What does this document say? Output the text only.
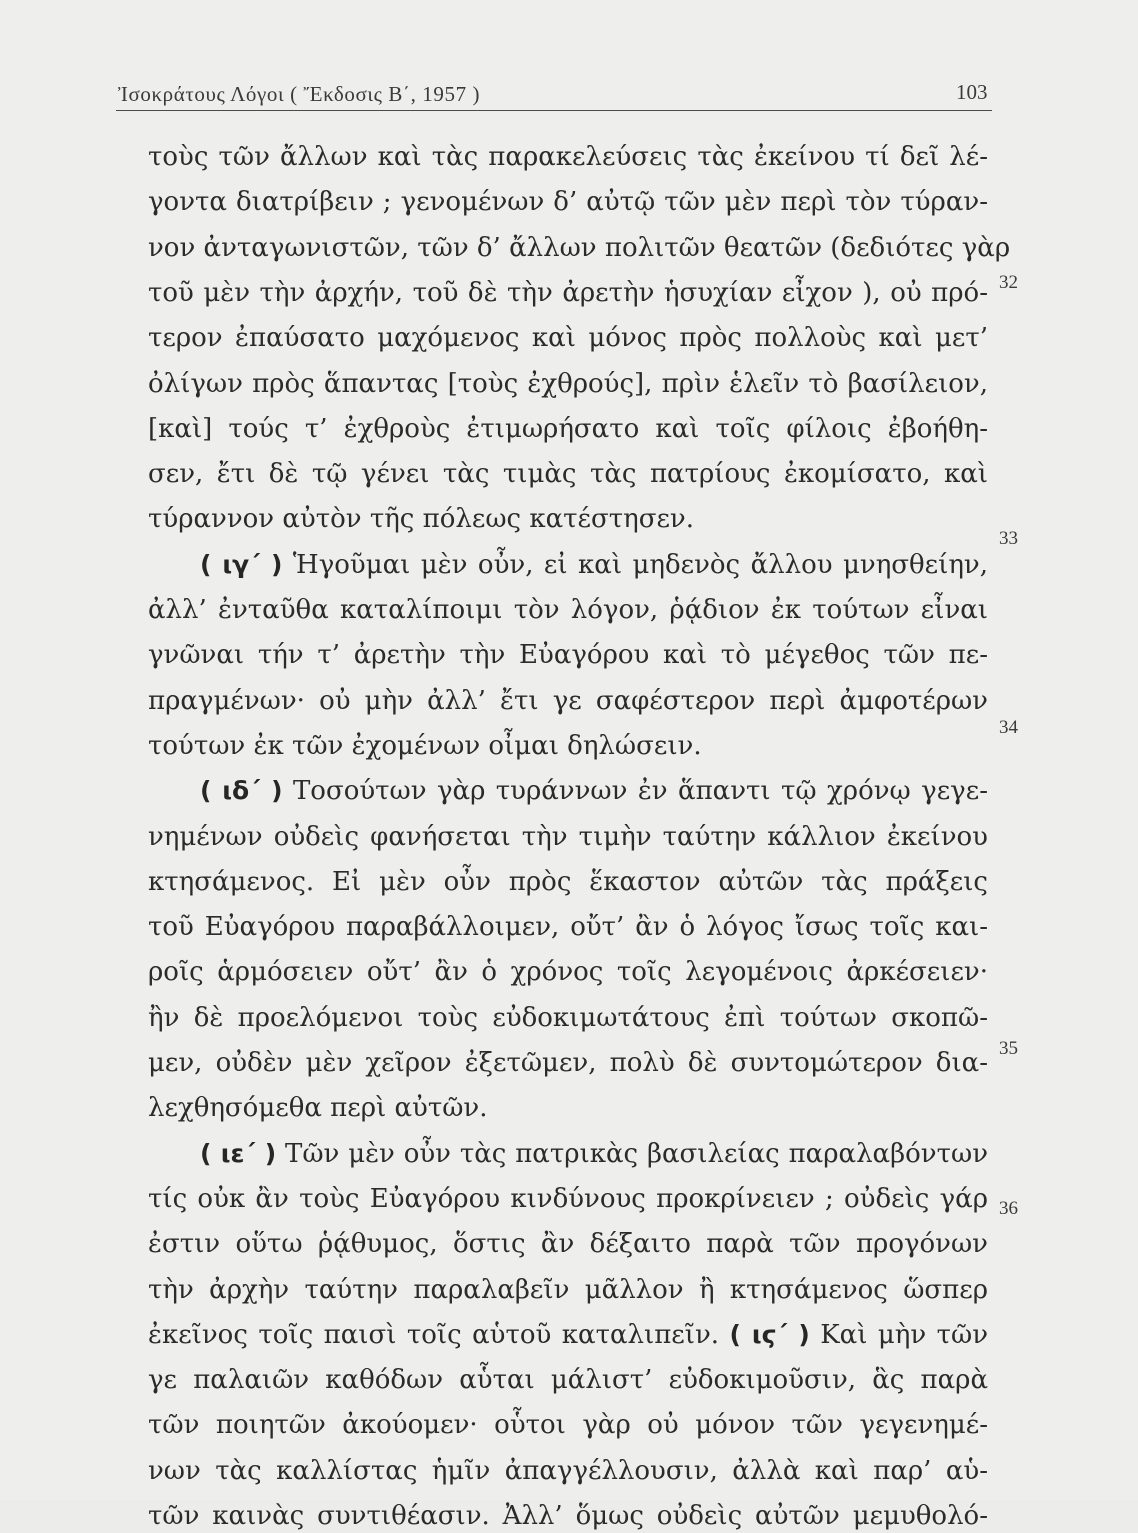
Ἰσοκράτους Λόγοι ( Ἔκδοσις Β΄, 1957 )	103
τοὺς τῶν ἄλλων καὶ τὰς παρακελεύσεις τὰς ἐκείνου τί δεῖ λέ-
γοντα διατρίβειν ; γενομένων δ’ αὐτῷ τῶν μὲν περὶ τὸν τύραν-
νον ἀνταγωνιστῶν, τῶν δ’ ἄλλων πολιτῶν θεατῶν (δεδιότες γὰρ
τοῦ μὲν τὴν ἀρχήν, τοῦ δὲ τὴν ἀρετὴν ἡσυχίαν εἶχον ), οὐ πρό-
τερον ἐπαύσατο μαχόμενος καὶ μόνος πρὸς πολλοὺς καὶ μετ’
ὀλίγων πρὸς ἅπαντας [τοὺς ἐχθρούς], πρὶν ἑλεῖν τὸ βασίλειον,
[καὶ] τούς τ’ ἐχθροὺς ἐτιμωρήσατο καὶ τοῖς φίλοις ἐβοήθη-
σεν, ἔτι δὲ τῷ γένει τὰς τιμὰς τὰς πατρίους ἐκομίσατο, καὶ
τύραννον αὐτὸν τῆς πόλεως κατέστησεν.
( ιγ΄ ) Ἡγοῦμαι μὲν οὖν, εἰ καὶ μηδενὸς ἄλλου μνησθείην,
ἀλλ’ ἐνταῦθα καταλίποιμι τὸν λόγον, ῥᾴδιον ἐκ τούτων εἶναι
γνῶναι τήν τ’ ἀρετὴν τὴν Εὐαγόρου καὶ τὸ μέγεθος τῶν πε-
πραγμένων· οὐ μὴν ἀλλ’ ἔτι γε σαφέστερον περὶ ἀμφοτέρων
τούτων ἐκ τῶν ἐχομένων οἶμαι δηλώσειν.
( ιδ΄ ) Τοσούτων γὰρ τυράννων ἐν ἅπαντι τῷ χρόνῳ γεγε-
νημένων οὐδεὶς φανήσεται τὴν τιμὴν ταύτην κάλλιον ἐκείνου
κτησάμενος. Εἰ μὲν οὖν πρὸς ἕκαστον αὐτῶν τὰς πράξεις
τοῦ Εὐαγόρου παραβάλλοιμεν, οὔτ’ ἂν ὁ λόγος ἴσως τοῖς και-
ροῖς ἁρμόσειεν οὔτ’ ἂν ὁ χρόνος τοῖς λεγομένοις ἀρκέσειεν·
ἢν δὲ προελόμενοι τοὺς εὐδοκιμωτάτους ἐπὶ τούτων σκοπῶ-
μεν, οὐδὲν μὲν χεῖρον ἐξετῶμεν, πολὺ δὲ συντομώτερον δια-
λεχθησόμεθα περὶ αὐτῶν.
( ιε΄ ) Τῶν μὲν οὖν τὰς πατρικὰς βασιλείας παραλαβόντων
τίς οὐκ ἂν τοὺς Εὐαγόρου κινδύνους προκρίνειεν ; οὐδεὶς γάρ
ἐστιν οὕτω ῥᾴθυμος, ὅστις ἂν δέξαιτο παρὰ τῶν προγόνων
τὴν ἀρχὴν ταύτην παραλαβεῖν μᾶλλον ἢ κτησάμενος ὥσπερ
ἐκεῖνος τοῖς παισὶ τοῖς αὑτοῦ καταλιπεῖν. ( ιϛ΄ ) Καὶ μὴν τῶν
γε παλαιῶν καθόδων αὗται μάλιστ’ εὐδοκιμοῦσιν, ἃς παρὰ
τῶν ποιητῶν ἀκούομεν· οὗτοι γὰρ οὐ μόνον τῶν γεγενημέ-
νων τὰς καλλίστας ἡμῖν ἀπαγγέλλουσιν, ἀλλὰ καὶ παρ’ αὑ-
τῶν καινὰς συντιθέασιν. Ἀλλ’ ὅμως οὐδεὶς αὐτῶν μεμυθολό-
32
33
34
35
36
